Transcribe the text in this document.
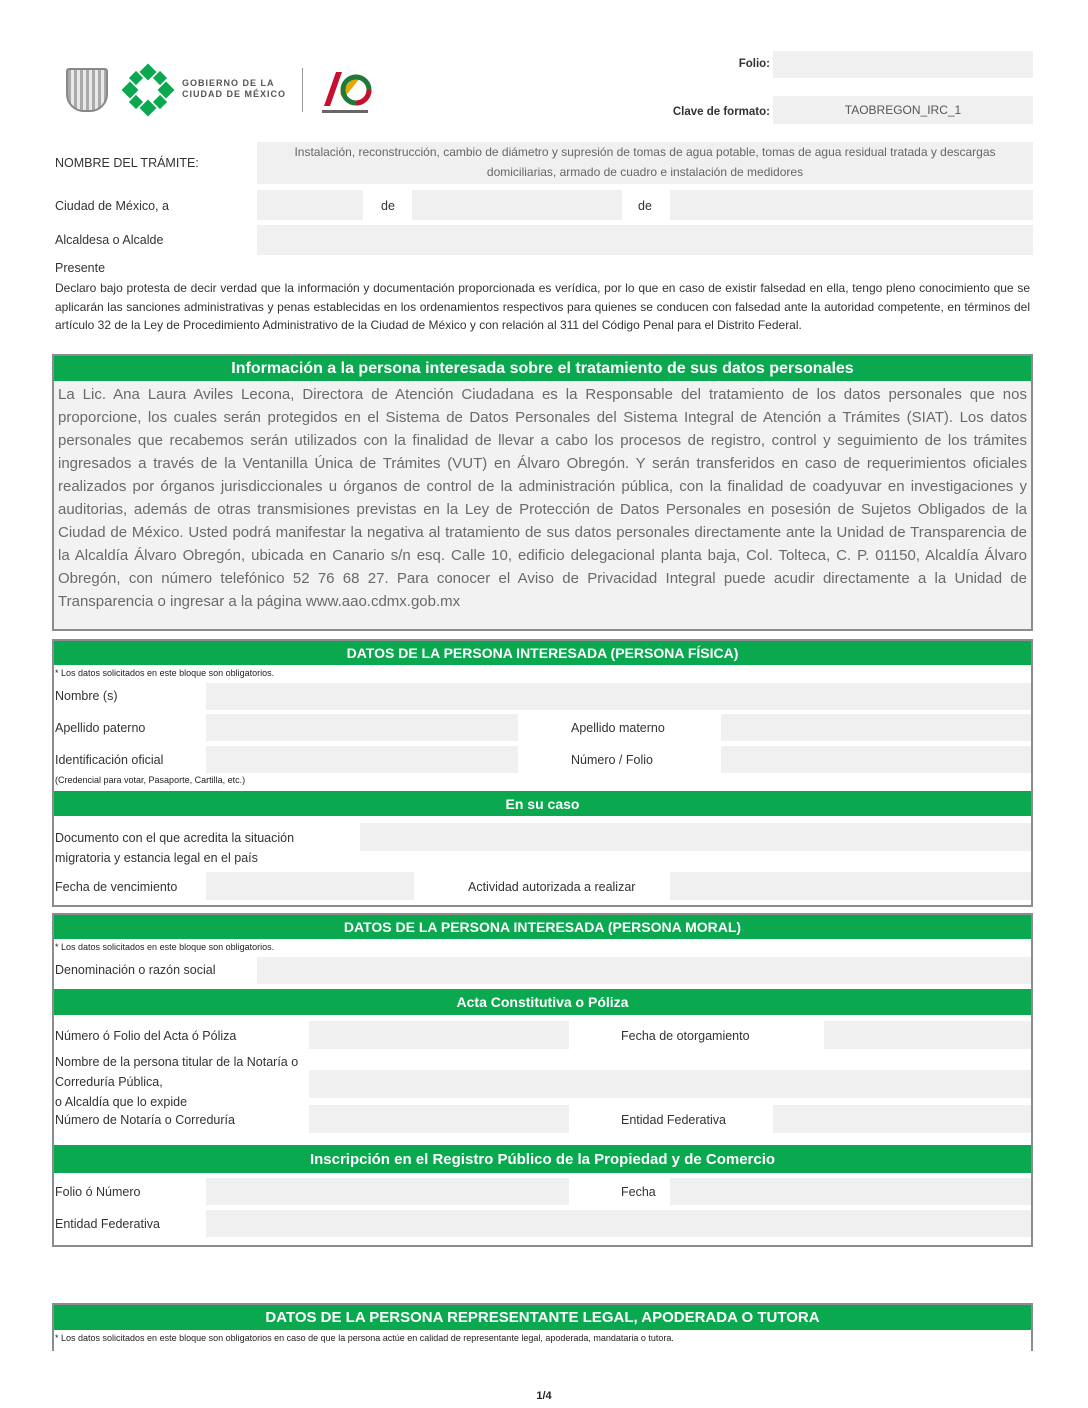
GOBIERNO DE LA
CIUDAD DE MÉXICO
Folio:
Clave de formato:	TAOBREGON_IRC_1
NOMBRE DEL TRÁMITE:
Instalación, reconstrucción, cambio de diámetro y supresión de tomas de agua potable, tomas de agua residual tratada y descargas
domiciliarias, armado de cuadro e instalación de medidores
Ciudad de México, a	de	de
Alcaldesa o Alcalde
Presente
Declaro bajo protesta de decir verdad que la información y documentación proporcionada es verídica, por lo que en caso de existir falsedad en ella, tengo pleno conocimiento que se aplicarán las sanciones administrativas y penas establecidas en los ordenamientos respectivos para quienes se conducen con falsedad ante la autoridad competente, en términos del artículo 32 de la Ley de Procedimiento Administrativo de la Ciudad de México y con relación al 311 del Código Penal para el Distrito Federal.
Información a la persona interesada sobre el tratamiento de sus datos personales
La Lic. Ana Laura Aviles Lecona, Directora de Atención Ciudadana es la Responsable del tratamiento de los datos personales que nos proporcione, los cuales serán protegidos en el Sistema de Datos Personales del Sistema Integral de Atención a Trámites (SIAT). Los datos personales que recabemos serán utilizados con la finalidad de llevar a cabo los procesos de registro, control y seguimiento de los trámites ingresados a través de la Ventanilla Única de Trámites (VUT) en Álvaro Obregón. Y serán transferidos en caso de requerimientos oficiales realizados por órganos jurisdiccionales u órganos de control de la administración pública, con la finalidad de coadyuvar en investigaciones y auditorias, además de otras transmisiones previstas en la Ley de Protección de Datos Personales en posesión de Sujetos Obligados de la Ciudad de México. Usted podrá manifestar la negativa al tratamiento de sus datos personales directamente ante la Unidad de Transparencia de la Alcaldía Álvaro Obregón, ubicada en Canario s/n esq. Calle 10, edificio delegacional planta baja, Col. Tolteca, C. P. 01150, Alcaldía Álvaro Obregón, con número telefónico 52 76 68 27. Para conocer el Aviso de Privacidad Integral puede acudir directamente a la Unidad de Transparencia o ingresar a la página www.aao.cdmx.gob.mx
DATOS DE LA PERSONA INTERESADA (PERSONA FÍSICA)
* Los datos solicitados en este bloque son obligatorios.
Nombre (s)
Apellido paterno	Apellido materno
Identificación oficial	Número / Folio
(Credencial para votar, Pasaporte, Cartilla, etc.)
En su caso
Documento con el que acredita la situación
migratoria y estancia legal en el país
Fecha de vencimiento	Actividad autorizada a realizar
DATOS DE LA PERSONA INTERESADA (PERSONA MORAL)
* Los datos solicitados en este bloque son obligatorios.
Denominación o razón social
Acta Constitutiva o Póliza
Número ó Folio del Acta ó Póliza	Fecha de otorgamiento
Nombre de la persona titular de la Notaría o
Correduría Pública,
o Alcaldía que lo expide
Número de Notaría o Correduría	Entidad Federativa
Inscripción en el Registro Público de la Propiedad y de Comercio
Folio ó Número	Fecha
Entidad Federativa
DATOS DE LA PERSONA REPRESENTANTE LEGAL, APODERADA O TUTORA
* Los datos solicitados en este bloque son obligatorios en caso de que la persona actúe en calidad de representante legal, apoderada, mandataria o tutora.
1/4
